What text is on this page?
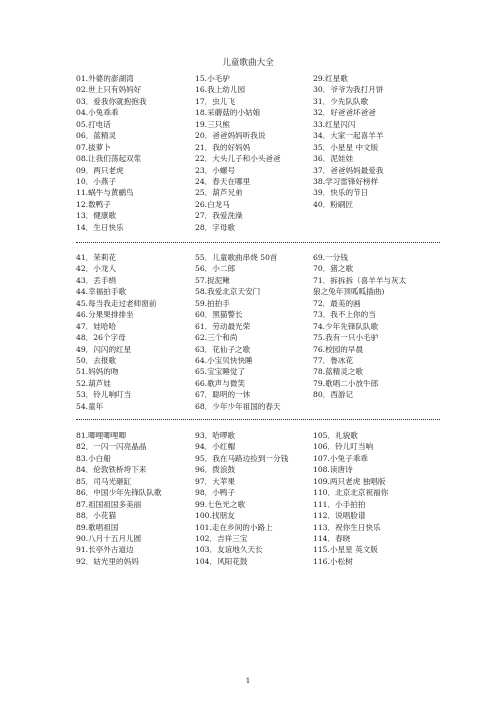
儿童歌曲大全
01.外婆的澎湖湾
02.世上只有妈妈好
03．爱我你就抱抱我
04.小兔乖乖
05.打电话
06．蓝精灵
07.拔萝卜
08.让我们荡起双浆
09．两只老虎
10．小燕子
11.蜗牛与黄鹂鸟
12.数鸭子
13．健康歌
14．生日快乐
15.小毛驴
16.我上幼儿园
17．虫儿飞
18.采蘑菇的小姑娘
19.三只熊
20．爸爸妈妈听我说
21．我的好妈妈
22．大头儿子和小头爸爸
23．小螺号
24．春天在哪里
25．葫芦兄弟
26.白龙马
27．我爱洗澡
28．字母歌
29.红星歌
30．爷爷为我打月饼
31．少先队队歌
32．好爸爸坏爸爸
33.红星闪闪
34．大家一起喜羊羊
35．小星星 中文版
36．泥娃娃
37．爸爸妈妈最爱我
38.学习雷锋好榜样
39．快乐的节日
40．粉刷匠
41．茉莉花
42．小龙人
43．丢手绢
44.幸福拍手歌
45.每当我走过老师窗前
46.分果果排排坐
47．娃哈哈
48．26个字母
49．闪闪的红星
50．去报歌
51.妈妈的吻
52.葫芦娃
53．铃儿响叮当
54.童年
55．儿童歌曲串烧 50首
56．小二郎
57.捉泥鳅
58.我爱北京天安门
59.拍拍手
60．黑猫警长
61．劳动最光荣
62.三个和尚
63．花仙子之歌
64.小宝贝快快睡
65.宝宝睡觉了
66.歌声与微笑
67．聪明的一休
68．少年少年祖国的春天
69.一分钱
70．猪之歌
71．拆拆拆（喜羊羊与灰太
狼之兔年顶呱呱插曲)
72．最美的画
73．我不上你的当
74.少年先锋队队歌
75.我有一只小毛驴
76.校园的早晨
77．鲁冰花
78.蓝精灵之歌
79.歌唱二小放牛郎
80．西游记
81.唧哩唧哩唧
82．一闪一闪亮晶晶
83.小白船
84．伦敦铁桥垮下来
85．司马光砸缸
86．中国少年先锋队队歌
87.祖国祖国多美丽
88．小花猫
89.歌唱祖国
90.八月十五月儿圆
91.长亭外古道边
92．姑光里的妈妈
93．哈啰歌
94．小红帽
95．我在马路边捡到一分钱
96．拨浪鼓
97．大苹果
98．小鸭子
99.七色光之歌
100.找朋友
101.走在乡间的小路上
102．吉祥三宝
103．友谊地久天长
104．风阳花鼓
105．礼貌歌
106．铃儿叮当响
107.小兔子乖乖
108.读唐诗
109.两只老虎 独唱版
110．北京北京祝福你
111．小手拍拍
112．说唱脸谱
113．祝你生日快乐
114．春晓
115.小星星 英文版
116.小松树
1
